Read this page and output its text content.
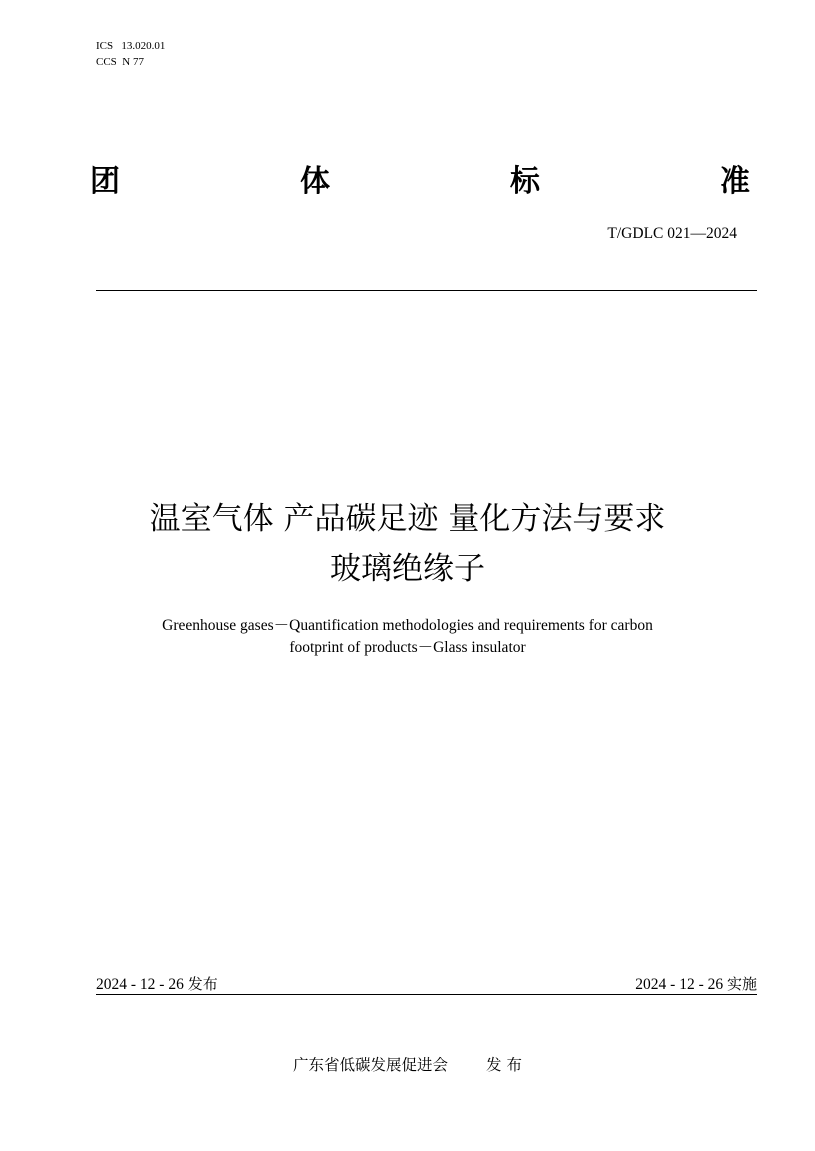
ICS   13.020.01
CCS  N 77
团	体	标	准
T/GDLC 021—2024
温室气体 产品碳足迹 量化方法与要求
玻璃绝缘子
Greenhouse gases－Quantification methodologies and requirements for carbon
footprint of products－Glass insulator
2024 - 12 - 26 发布	2024 - 12 - 26 实施
广东省低碳发展促进会 发 布
